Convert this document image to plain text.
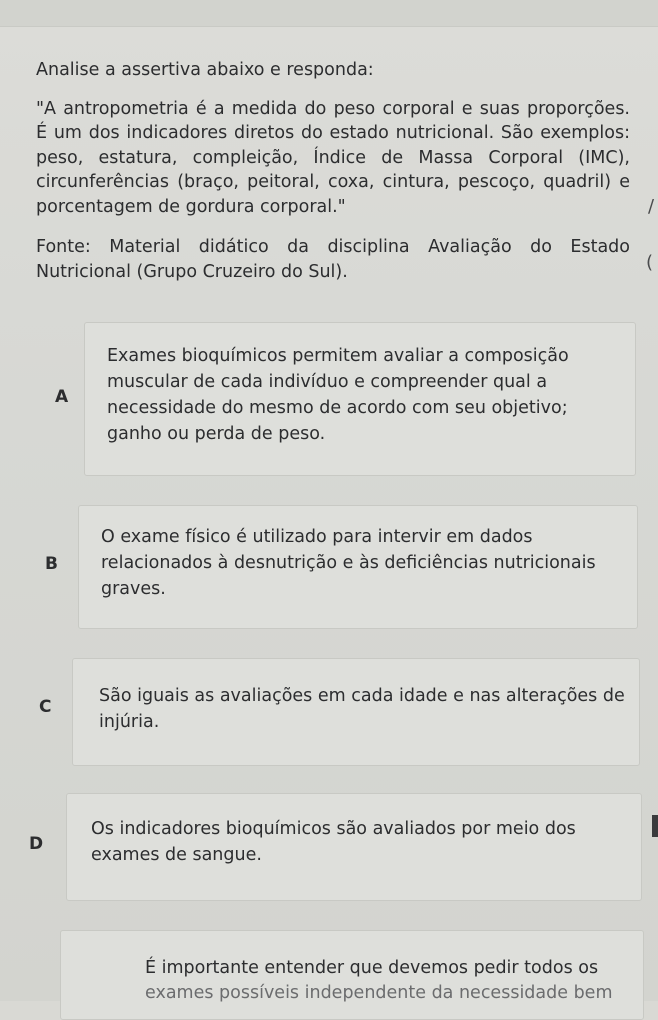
Analise a assertiva abaixo e responda:

"A antropometria é a medida do peso corporal e suas proporções. É um dos indicadores diretos do estado nutricional. São exemplos: peso, estatura, compleição, Índice de Massa Corporal (IMC), circunferências (braço, peitoral, coxa, cintura, pescoço, quadril) e porcentagem de gordura corporal."

Fonte: Material didático da disciplina Avaliação do Estado Nutricional (Grupo Cruzeiro do Sul).

A
Exames bioquímicos permitem avaliar a composição muscular de cada indivíduo e compreender qual a necessidade do mesmo de acordo com seu objetivo; ganho ou perda de peso.
B
O exame físico é utilizado para intervir em dados relacionados à desnutrição e às deficiências nutricionais graves.
C
São iguais as avaliações em cada idade e nas alterações de injúria.
D
Os indicadores bioquímicos são avaliados por meio dos exames de sangue.
É importante entender que devemos pedir todos os
exames possíveis independente da necessidade bem
/
(
